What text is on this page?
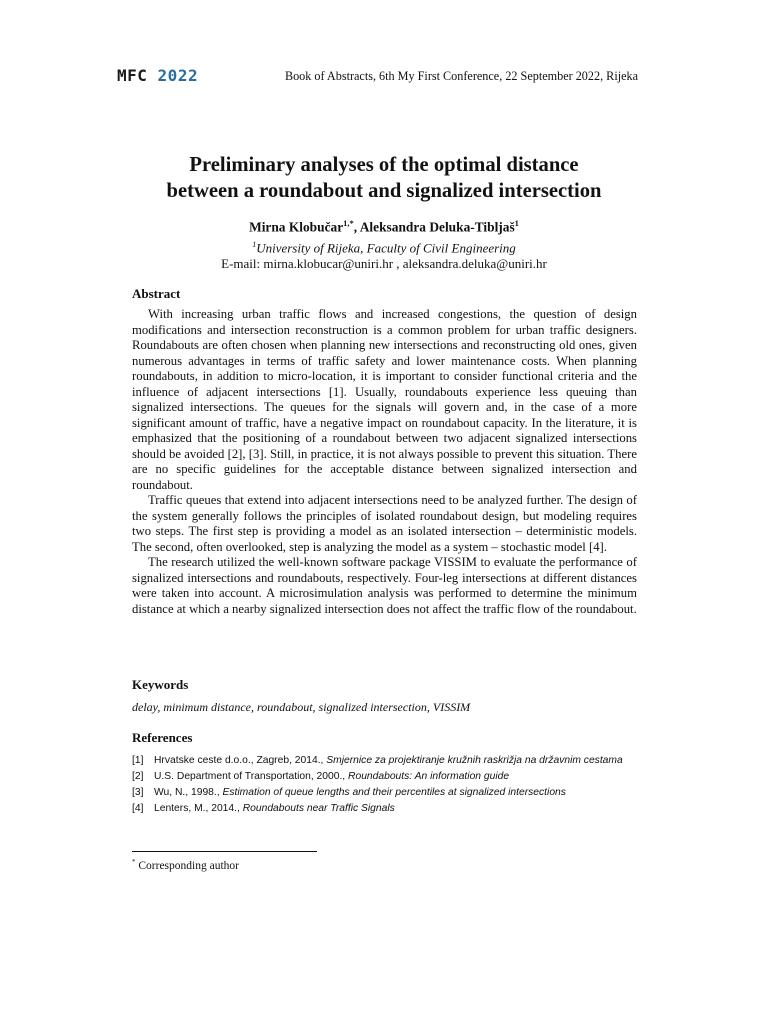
MFC 2022	Book of Abstracts, 6th My First Conference, 22 September 2022, Rijeka
Preliminary analyses of the optimal distance
between a roundabout and signalized intersection
Mirna Klobučar$^{1,*}$, Aleksandra Deluka-Tibljaš$^1$
$^1$University of Rijeka, Faculty of Civil Engineering
E-mail: mirna.klobucar@uniri.hr , aleksandra.deluka@uniri.hr
Abstract

With increasing urban traffic flows and increased congestions, the question of design modifications and intersection reconstruction is a common problem for urban traffic designers. Roundabouts are often chosen when planning new intersections and reconstructing old ones, given numerous advantages in terms of traffic safety and lower maintenance costs. When planning roundabouts, in addition to micro-location, it is important to consider functional criteria and the influence of adjacent intersections [1]. Usually, roundabouts experience less queuing than signalized intersections. The queues for the signals will govern and, in the case of a more significant amount of traffic, have a negative impact on roundabout capacity. In the literature, it is emphasized that the positioning of a roundabout between two adjacent signalized intersections should be avoided [2], [3]. Still, in practice, it is not always possible to prevent this situation. There are no specific guidelines for the acceptable distance between signalized intersection and roundabout.

Traffic queues that extend into adjacent intersections need to be analyzed further. The design of the system generally follows the principles of isolated roundabout design, but modeling requires two steps. The first step is providing a model as an isolated intersection – deterministic models. The second, often overlooked, step is analyzing the model as a system – stochastic model [4].

The research utilized the well-known software package VISSIM to evaluate the performance of signalized intersections and roundabouts, respectively. Four-leg intersections at different distances were taken into account. A microsimulation analysis was performed to determine the minimum distance at which a nearby signalized intersection does not affect the traffic flow of the roundabout.

Keywords
delay, minimum distance, roundabout, signalized intersection, VISSIM
References
[1]	Hrvatske ceste d.o.o., Zagreb, 2014., Smjernice za projektiranje kružnih raskrižja na državnim cestama
[2]	U.S. Department of Transportation, 2000., Roundabouts: An information guide
[3]	Wu, N., 1998., Estimation of queue lengths and their percentiles at signalized intersections
[4]	Lenters, M., 2014., Roundabouts near Traffic Signals
* Corresponding author
